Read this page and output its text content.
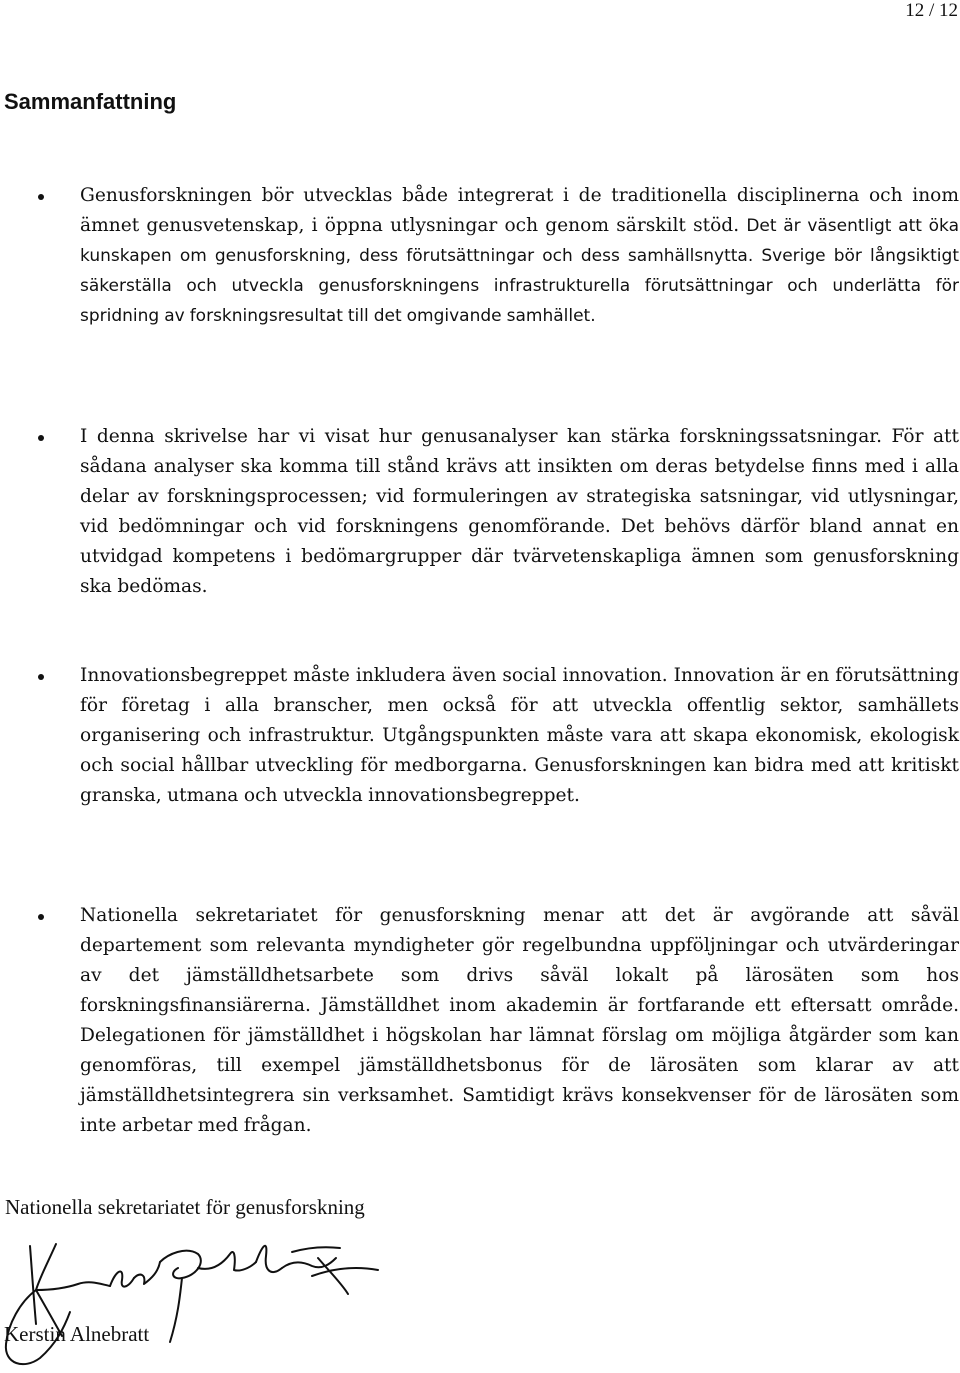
12 / 12
Sammanfattning
Genusforskningen bör utvecklas både integrerat i de traditionella disciplinerna och inom ämnet genusvetenskap, i öppna utlysningar och genom särskilt stöd. Det är väsentligt att öka kunskapen om genusforskning, dess förutsättningar och dess samhällsnytta. Sverige bör långsiktigt säkerställa och utveckla genusforskningens infrastrukturella förutsättningar och underlätta för spridning av forskningsresultat till det omgivande samhället.
I denna skrivelse har vi visat hur genusanalyser kan stärka forskningssatsningar. För att sådana analyser ska komma till stånd krävs att insikten om deras betydelse finns med i alla delar av forskningsprocessen; vid formuleringen av strategiska satsningar, vid utlysningar, vid bedömningar och vid forskningens genomförande. Det behövs därför bland annat en utvidgad kompetens i bedömargrupper där tvärvetenskapliga ämnen som genusforskning ska bedömas.
Innovationsbegreppet måste inkludera även social innovation. Innovation är en förutsättning för företag i alla branscher, men också för att utveckla offentlig sektor, samhällets organisering och infrastruktur. Utgångspunkten måste vara att skapa ekonomisk, ekologisk och social hållbar utveckling för medborgarna. Genusforskningen kan bidra med att kritiskt granska, utmana och utveckla innovationsbegreppet.
Nationella sekretariatet för genusforskning menar att det är avgörande att såväl departement som relevanta myndigheter gör regelbundna uppföljningar och utvärderingar av det jämställdhetsarbete som drivs såväl lokalt på lärosäten som hos forskningsfinansiärerna. Jämställdhet inom akademin är fortfarande ett eftersatt område. Delegationen för jämställdhet i högskolan har lämnat förslag om möjliga åtgärder som kan genomföras, till exempel jämställdhetsbonus för de lärosäten som klarar av att jämställdhetsintegrera sin verksamhet. Samtidigt krävs konsekvenser för de lärosäten som inte arbetar med frågan.
Nationella sekretariatet för genusforskning
Kerstin Alnebratt
